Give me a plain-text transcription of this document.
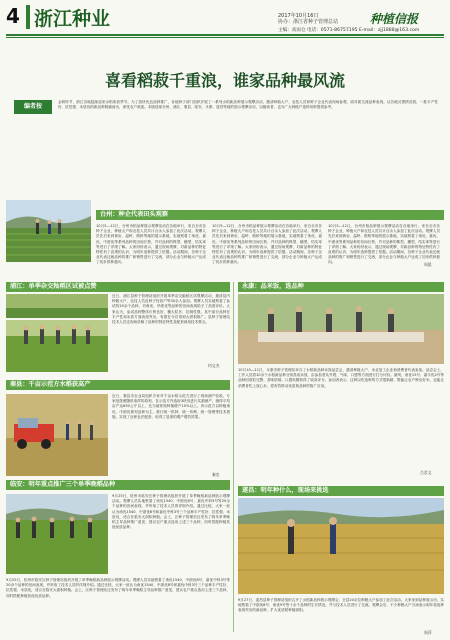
4 浙江种业	2017年10月16日
协办：浙江省种子管理总站	种植信报
主编：高雨仓 电话：0571-86757195 E-mail：zjj1888@163.com
喜看稻菽千重浪，谁家品种最风流
编者按
金秋时节，浙江各地陆续迎来水稻收获季节。为了加快优良品种推广，各地种子部门组织开展了一系列水稻新品种展示观摩活动，邀请种植大户、农技人员和种子企业代表现场参观，面对面交流品种表现。从各地反馈情况看，一批丰产性好、抗性强、米质优的新品种脱颖而出，深受农户欢迎。本版选取台州、浦江、秦县、临安、永康、遂昌等地的展示观摩活动，以飨读者，也为广大种植户选种用种提供参考。
台州：种企代表田头观察
10月5—12日，台州市稻品种展示观摩活动在各地举行，来自全市各种子企业、种植大户和农技人员共计百余人参加了此次活动。观摩人员先后来到黄岩、温岭、路桥等地的展示基地，实地察看了甬优、嘉优、中浙优等系列品种的田间长势，并对品种的株型、穗型、结实率等进行了详细了解。大家纷纷表示，通过现场观摩，对新品种的特征特性有了直观的认识，为明年选种提供了依据。活动期间，各种子企业代表还就品种的推广和销售进行了交流，部分企业与种植大户达成了初步供种意向。
10月5—12日，台州市稻品种展示观摩活动在各地举行，来自全市各种子企业、种植大户和农技人员共计百余人参加了此次活动。观摩人员先后来到黄岩、温岭、路桥等地的展示基地，实地察看了甬优、嘉优、中浙优等系列品种的田间长势，并对品种的株型、穗型、结实率等进行了详细了解。大家纷纷表示，通过现场观摩，对新品种的特征特性有了直观的认识，为明年选种提供了依据。活动期间，各种子企业代表还就品种的推广和销售进行了交流，部分企业与种植大户达成了初步供种意向。
10月5—12日，台州市稻品种展示观摩活动在各地举行，来自全市各种子企业、种植大户和农技人员共计百余人参加了此次活动。观摩人员先后来到黄岩、温岭、路桥等地的展示基地，实地察看了甬优、嘉优、中浙优等系列品种的田间长势，并对品种的株型、穗型、结实率等进行了详细了解。大家纷纷表示，通过现场观摩，对新品种的特征特性有了直观的认识，为明年选种提供了依据。活动期间，各种子企业代表还就品种的推广和销售进行了交流，部分企业与种植大户达成了初步供种意向。	周晨
浦江：单季杂交籼稻区试被点赞
近日，浦江县种子管理站组织开展单季杂交籼稻区试观摩活动，邀请县内种粮大户、农技人员及种子经营户等30余人参加。观摩人员实地察看了参试的20余个品种，对甬优、华浙优等品种的田间表现给予了高度评价。大家认为，参试品种整体长势良好，穗大粒多，抗倒性强，其中部分品种在丰产性和米质方面表现突出，有望在今后得到大面积推广。县种子管理站技术人员还现场讲解了品种的特征特性及配套栽培技术要点。
何文杰
秦县：千亩示范方水稻获高产
近日，秦县市农业局组织专家对千亩水稻示范方进行了现场测产验收。专家组按照随机取样的原则，在示范方内选取3块田进行实割测产，测得平均亩产达650公斤以上，比当地常规种植增产10%以上。该示范方以种植甬优、中浙优系列品种为主，推行统一供种、统一育秧、统一管理等技术措施，实现了良种良法配套，取得了显著的增产增效效果。
秦农
临安：明年重点推广三个单季晚稻品种
9月25日，杭州市临安区种子管理站组织开展了单季晚稻新品种展示观摩活动。观摩人员实地察看了甬优1540、中浙优8号、嘉优中科3号等20余个品种的田间表现，并听取了技术人员的详细介绍。通过比较，大家一致认为甬优1540、中浙优8号和嘉优中科3号三个品种丰产性好、抗性强、米质优，适合在临安大面积种植。会上，区种子管理站还发布了明年单季晚稻主导品种推广意见，建议农户重点选用上述三个品种，同时搭配种植其他优质品种。
9月25日，杭州市临安区种子管理站组织开展了单季晚稻新品种展示观摩活动。观摩人员实地察看了甬优1540、中浙优8号、嘉优中科3号等20余个品种的田间表现，并听取了技术人员的详细介绍。通过比较，大家一致认为甬优1540、中浙优8号和嘉优中科3号三个品种丰产性好、抗性强、米质优，适合在临安大面积种植。会上，区种子管理站还发布了明年单季晚稻主导品种推广意见，建议农户重点选用上述三个品种，同时搭配种植其他优质品种。
永康：品米饭，选品种
10月10—11日，永康市种子管理站举办了水稻新品种米饭品尝会，邀请种植大户、米业加工企业和消费者代表参加。品尝会上，工作人员将10余个水稻新品种分别蒸成米饭，由参加者从外观、气味、口感等方面进行打分评价。最终，甬优15号、嘉丰优2号等品种因饭粒完整、香味浓郁、口感软糯获得了较高评分。参加者表示，这种以吃选种的方式很新颖，既能让农户种出好米，也能让消费者吃上放心米，将有效推动优质稻品种的推广应用。
吕君文
遂昌：明年种什么，现场来挑选
9月27日，遂昌县种子管理站组织召开了水稻新品种展示观摩会，全县20余位种粮大户参加了此次活动。大家来到品种展示田，实地察看了中浙优8号、甬优9号等十余个品种的生长情况，并与技术人员进行了交流。观摩会后，不少种粮大户当场表示明年将选种表现突出的新品种，扩大优质稻种植面积。
周萍
